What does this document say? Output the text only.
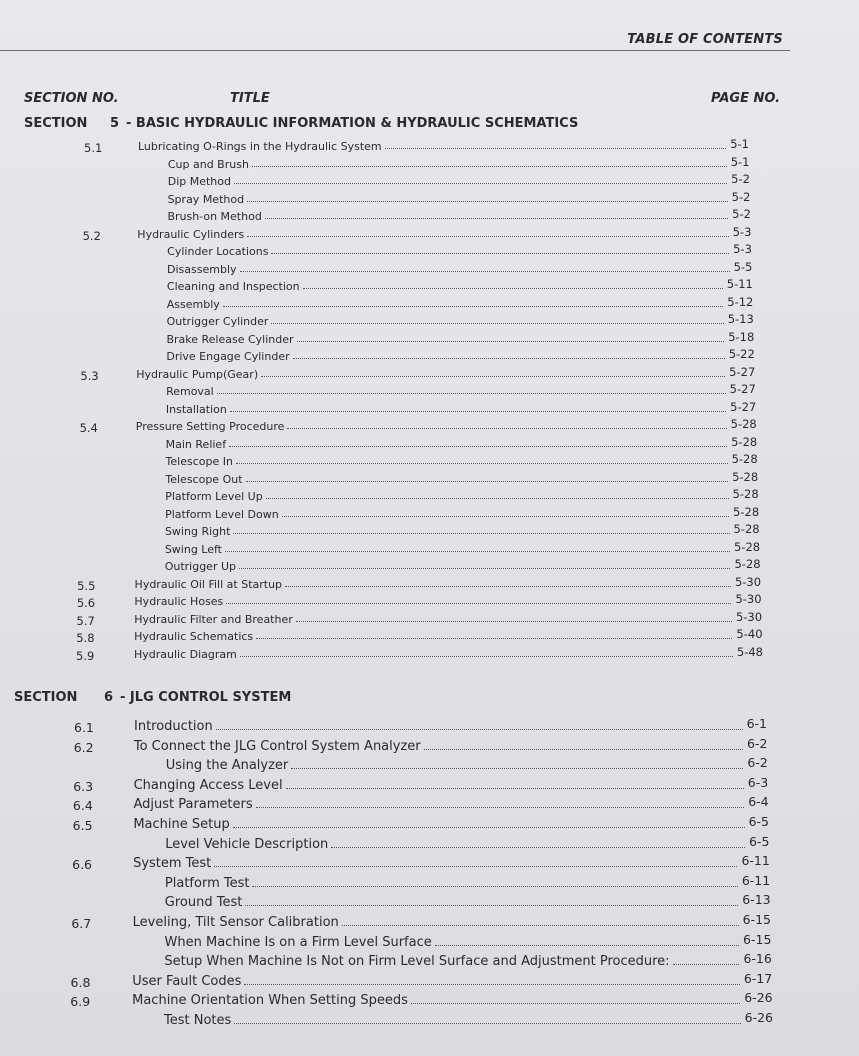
TABLE OF CONTENTS
SECTION NO.	TITLE	PAGE NO.
SECTION 5 - BASIC HYDRAULIC INFORMATION & HYDRAULIC SCHEMATICS
5.1	Lubricating O-Rings in the Hydraulic System	5-1
Cup and Brush	5-1
Dip Method	5-2
Spray Method	5-2
Brush-on Method	5-2
5.2	Hydraulic Cylinders	5-3
Cylinder Locations	5-3
Disassembly	5-5
Cleaning and Inspection	5-11
Assembly	5-12
Outrigger Cylinder	5-13
Brake Release Cylinder	5-18
Drive Engage Cylinder	5-22
5.3	Hydraulic Pump(Gear)	5-27
Removal	5-27
Installation	5-27
5.4	Pressure Setting Procedure	5-28
Main Relief	5-28
Telescope In	5-28
Telescope Out	5-28
Platform Level Up	5-28
Platform Level Down	5-28
Swing Right	5-28
Swing Left	5-28
Outrigger Up	5-28
5.5	Hydraulic Oil Fill at Startup	5-30
5.6	Hydraulic Hoses	5-30
5.7	Hydraulic Filter and Breather	5-30
5.8	Hydraulic Schematics	5-40
5.9	Hydraulic Diagram	5-48
SECTION 6 - JLG CONTROL SYSTEM
6.1	Introduction	6-1
6.2	To Connect the JLG Control System Analyzer	6-2
Using the Analyzer	6-2
6.3	Changing Access Level	6-3
6.4	Adjust Parameters	6-4
6.5	Machine Setup	6-5
Level Vehicle Description	6-5
6.6	System Test	6-11
Platform Test	6-11
Ground Test	6-13
6.7	Leveling, Tilt Sensor Calibration	6-15
When Machine Is on a Firm Level Surface	6-15
Setup When Machine Is Not on Firm Level Surface and Adjustment Procedure:	6-16
6.8	User Fault Codes	6-17
6.9	Machine Orientation When Setting Speeds	6-26
Test Notes	6-26
